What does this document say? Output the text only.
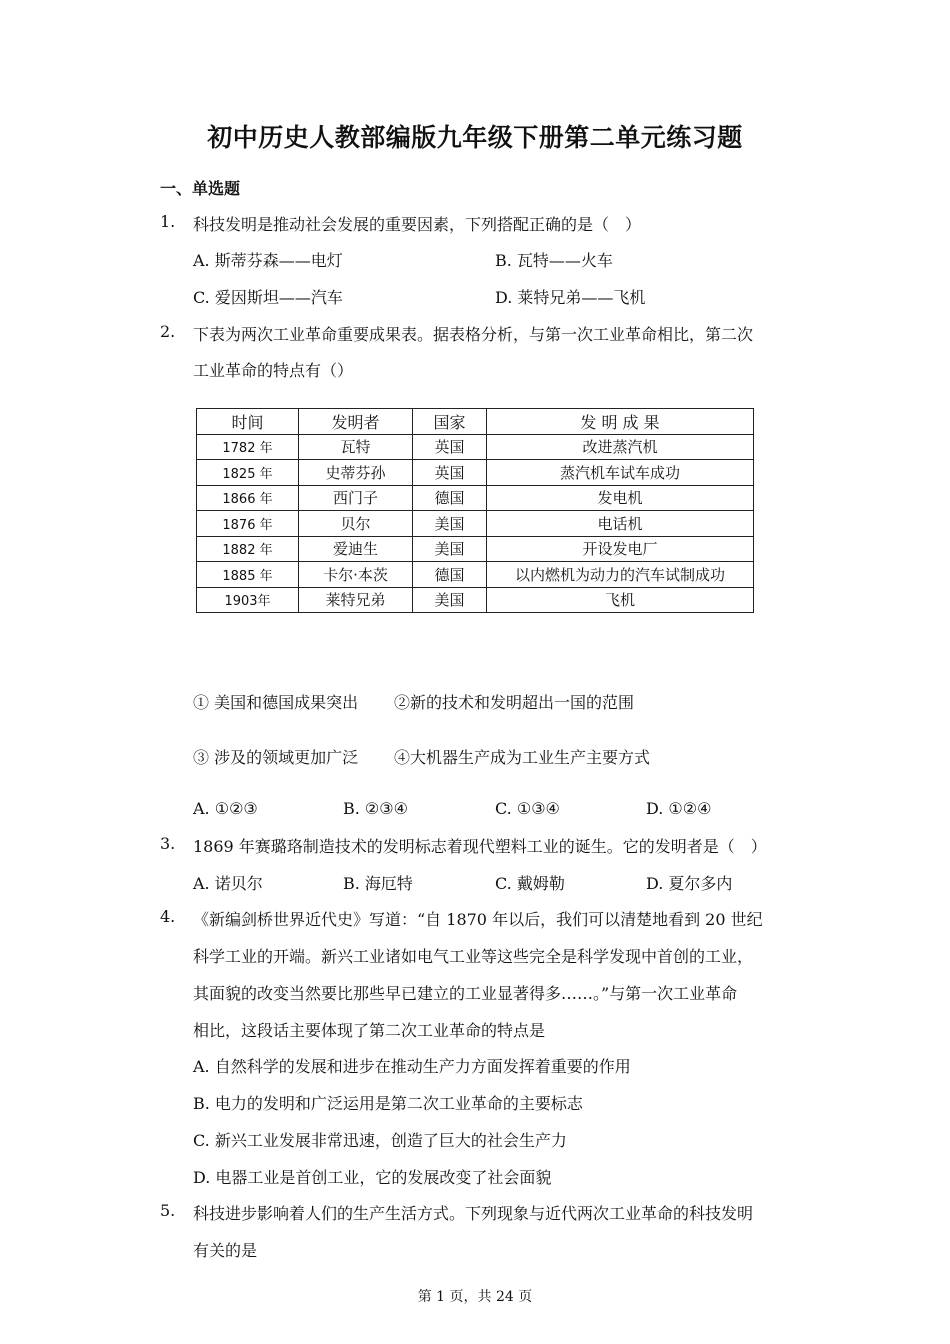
初中历史人教部编版九年级下册第二单元练习题
一、单选题
1. 科技发明是推动社会发展的重要因素，下列搭配正确的是（　）
A. 斯蒂芬森——电灯	B. 瓦特——火车
C. 爱因斯坦——汽车	D. 莱特兄弟——飞机
2. 下表为两次工业革命重要成果表。据表格分析，与第一次工业革命相比，第二次
工业革命的特点有（）
时间	发明者	国家	发 明 成 果
1782 年	瓦特	英国	改进蒸汽机
1825 年	史蒂芬孙	英国	蒸汽机车试车成功
1866 年	西门子	德国	发电机
1876 年	贝尔	美国	电话机
1882 年	爱迪生	美国	开设发电厂
1885 年	卡尔·本茨	德国	以内燃机为动力的汽车试制成功
1903年	莱特兄弟	美国	飞机
① 美国和德国成果突出 ②新的技术和发明超出一国的范围
③ 涉及的领域更加广泛 ④大机器生产成为工业生产主要方式
A. ①②③	B. ②③④	C. ①③④	D. ①②④
3. 1869 年赛璐珞制造技术的发明标志着现代塑料工业的诞生。它的发明者是（　）
A. 诺贝尔	B. 海厄特	C. 戴姆勒	D. 夏尔多内
4. 《新编剑桥世界近代史》写道：“自 1870 年以后，我们可以清楚地看到 20 世纪
科学工业的开端。新兴工业诸如电气工业等这些完全是科学发现中首创的工业，
其面貌的改变当然要比那些早已建立的工业显著得多……。”与第一次工业革命
相比，这段话主要体现了第二次工业革命的特点是
A. 自然科学的发展和进步在推动生产力方面发挥着重要的作用
B. 电力的发明和广泛运用是第二次工业革命的主要标志
C. 新兴工业发展非常迅速，创造了巨大的社会生产力
D. 电器工业是首创工业，它的发展改变了社会面貌
5. 科技进步影响着人们的生产生活方式。下列现象与近代两次工业革命的科技发明
有关的是
第 1 页，共 24 页
